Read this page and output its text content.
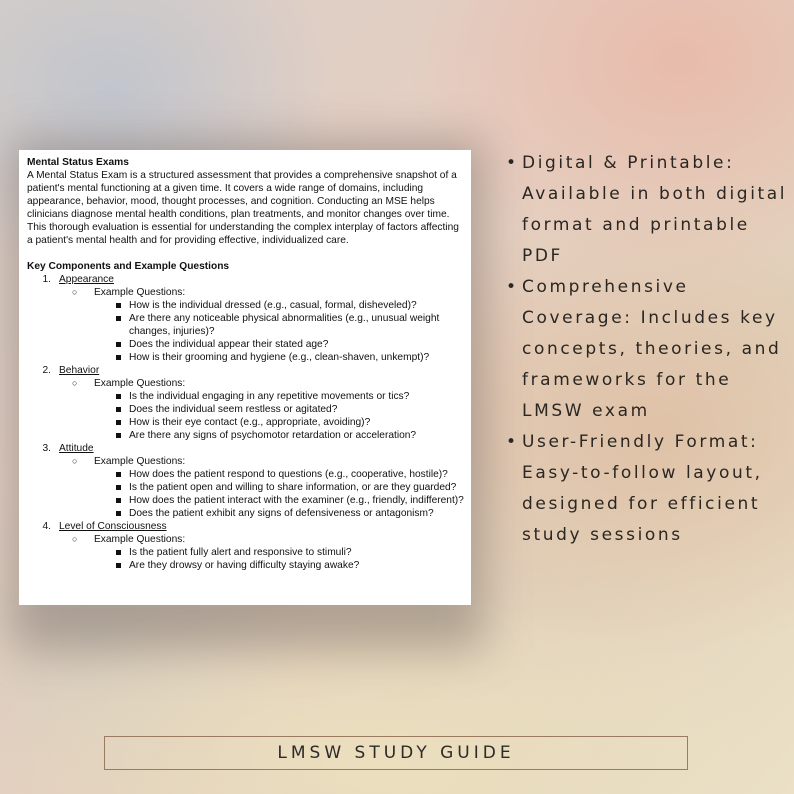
Mental Status Exams

A Mental Status Exam is a structured assessment that provides a comprehensive snapshot of a
patient's mental functioning at a given time. It covers a wide range of domains, including
appearance, behavior, mood, thought processes, and cognition. Conducting an MSE helps
clinicians diagnose mental health conditions, plan treatments, and monitor changes over time.
This thorough evaluation is essential for understanding the complex interplay of factors affecting
a patient's mental health and for providing effective, individualized care.

Key Components and Example Questions
1. Appearance
○	Example Questions:
How is the individual dressed (e.g., casual, formal, disheveled)?
Are there any noticeable physical abnormalities (e.g., unusual weight changes, injuries)?
Does the individual appear their stated age?
How is their grooming and hygiene (e.g., clean-shaven, unkempt)?
2. Behavior
○	Example Questions:
Is the individual engaging in any repetitive movements or tics?
Does the individual seem restless or agitated?
How is their eye contact (e.g., appropriate, avoiding)?
Are there any signs of psychomotor retardation or acceleration?
3. Attitude
○	Example Questions:
How does the patient respond to questions (e.g., cooperative, hostile)?
Is the patient open and willing to share information, or are they guarded?
How does the patient interact with the examiner (e.g., friendly, indifferent)?
Does the patient exhibit any signs of defensiveness or antagonism?
4. Level of Consciousness
○	Example Questions:
Is the patient fully alert and responsive to stimuli?
Are they drowsy or having difficulty staying awake?
• Digital & Printable: Available in both digital format and printable PDF
• Comprehensive Coverage: Includes key concepts, theories, and frameworks for the LMSW exam
• User-Friendly Format: Easy-to-follow layout, designed for efficient study sessions
LMSW STUDY GUIDE
